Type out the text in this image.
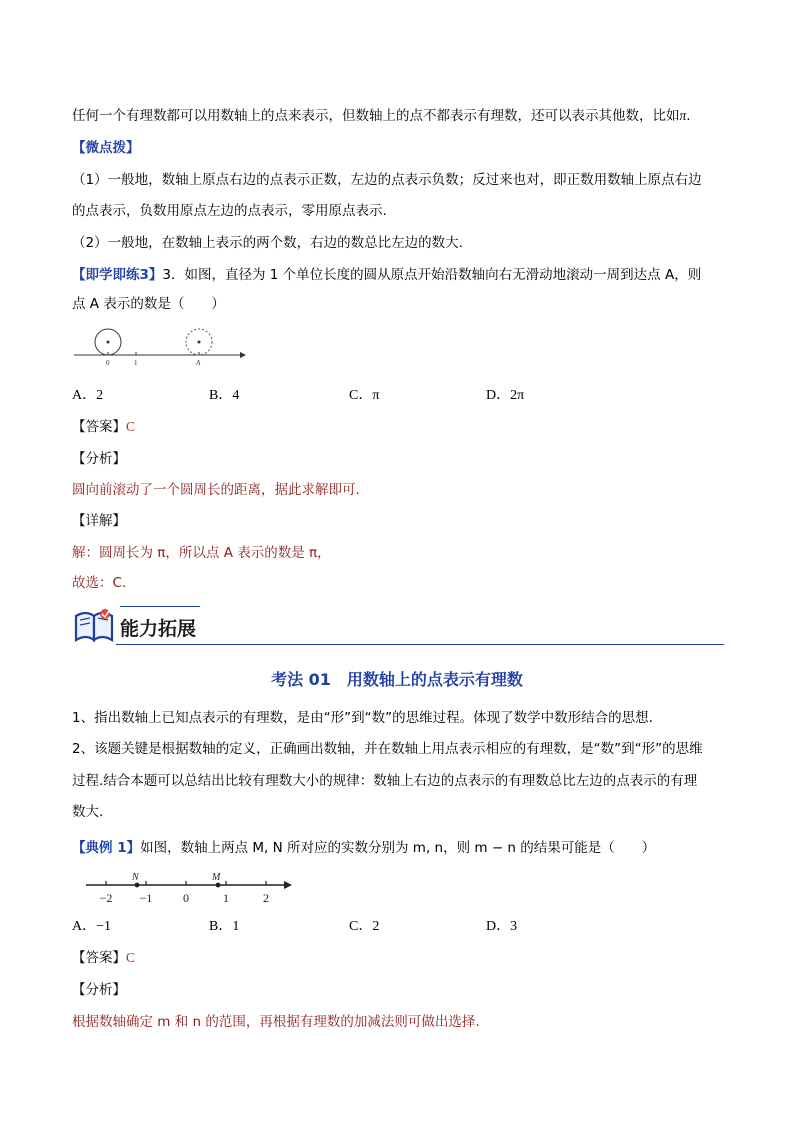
任何一个有理数都可以用数轴上的点来表示，但数轴上的点不都表示有理数，还可以表示其他数，比如π.
【微点拨】
（1）一般地，数轴上原点右边的点表示正数，左边的点表示负数；反过来也对，即正数用数轴上原点右边
的点表示，负数用原点左边的点表示，零用原点表示.
（2）一般地，在数轴上表示的两个数，右边的数总比左边的数大.
【即学即练3】3．如图，直径为 1 个单位长度的圆从原点开始沿数轴向右无滑动地滚动一周到达点 A，则
点 A 表示的数是（　　）
0	1	A
A．2	B．4	C．π	D．2π
【答案】C
【分析】
圆向前滚动了一个圆周长的距离，据此求解即可.
【详解】
解：圆周长为 π，所以点 A 表示的数是 π，
故选：C.
能力拓展
考法 01　用数轴上的点表示有理数
1、指出数轴上已知点表示的有理数，是由“形”到“数”的思维过程。体现了数学中数形结合的思想.
2、该题关键是根据数轴的定义，正确画出数轴，并在数轴上用点表示相应的有理数，是“数”到“形”的思维
过程.结合本题可以总结出比较有理数大小的规律：数轴上右边的点表示的有理数总比左边的点表示的有理
数大.
【典例 1】如图，数轴上两点 M, N 所对应的实数分别为 m, n，则 m − n 的结果可能是（　　）
−2 −1	0	1	2
N	M
A．−1	B．1	C．2	D．3
【答案】C
【分析】
根据数轴确定 m 和 n 的范围，再根据有理数的加减法则可做出选择.
